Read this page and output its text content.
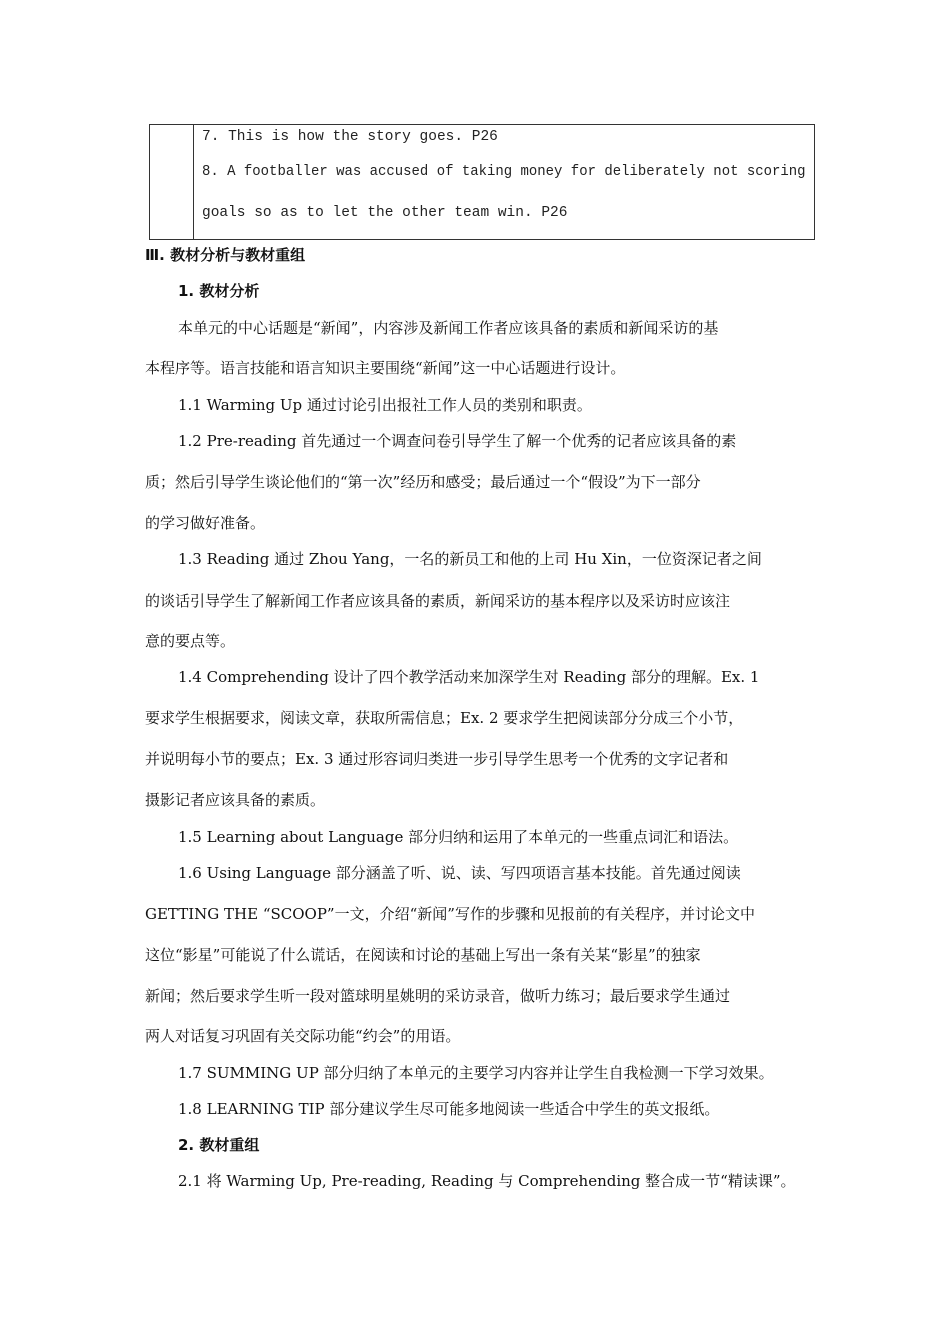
7. This is how the story goes. P26
8. A footballer was accused of taking money for deliberately not scoring
goals so as to let the other team win. P26
Ⅲ. 教材分析与教材重组
1. 教材分析
本单元的中心话题是“新闻”，内容涉及新闻工作者应该具备的素质和新闻采访的基
本程序等。语言技能和语言知识主要围绕“新闻”这一中心话题进行设计。
1.1 Warming Up 通过讨论引出报社工作人员的类别和职责。
1.2 Pre-reading 首先通过一个调查问卷引导学生了解一个优秀的记者应该具备的素
质；然后引导学生谈论他们的“第一次”经历和感受；最后通过一个“假设”为下一部分
的学习做好准备。
1.3 Reading 通过 Zhou Yang，一名的新员工和他的上司 Hu Xin，一位资深记者之间
的谈话引导学生了解新闻工作者应该具备的素质，新闻采访的基本程序以及采访时应该注
意的要点等。
1.4 Comprehending 设计了四个教学活动来加深学生对 Reading 部分的理解。Ex. 1
要求学生根据要求，阅读文章，获取所需信息；Ex. 2 要求学生把阅读部分分成三个小节，
并说明每小节的要点；Ex. 3 通过形容词归类进一步引导学生思考一个优秀的文字记者和
摄影记者应该具备的素质。
1.5 Learning about Language 部分归纳和运用了本单元的一些重点词汇和语法。
1.6 Using Language 部分涵盖了听、说、读、写四项语言基本技能。首先通过阅读
GETTING THE “SCOOP”一文，介绍“新闻”写作的步骤和见报前的有关程序，并讨论文中
这位“影星”可能说了什么谎话，在阅读和讨论的基础上写出一条有关某“影星”的独家
新闻；然后要求学生听一段对篮球明星姚明的采访录音，做听力练习；最后要求学生通过
两人对话复习巩固有关交际功能“约会”的用语。
1.7 SUMMING UP 部分归纳了本单元的主要学习内容并让学生自我检测一下学习效果。
1.8 LEARNING TIP 部分建议学生尽可能多地阅读一些适合中学生的英文报纸。
2. 教材重组
2.1 将 Warming Up, Pre-reading, Reading 与 Comprehending 整合成一节“精读课”。
